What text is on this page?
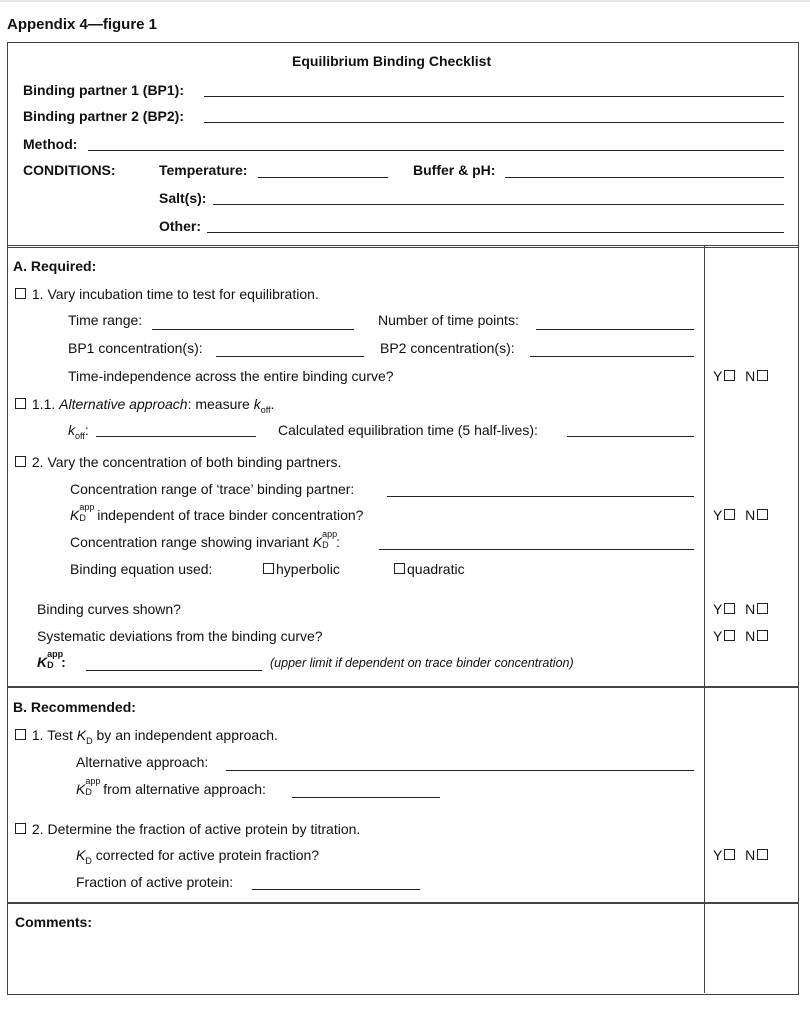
Appendix 4—figure 1
Equilibrium Binding Checklist
Binding partner 1 (BP1):
Binding partner 2 (BP2):
Method:
CONDITIONS:	Temperature:	Buffer & pH:
Salt(s):
Other:
A. Required:
1. Vary incubation time to test for equilibration.
Time range:	Number of time points:
BP1 concentration(s):	BP2 concentration(s):
Time-independence across the entire binding curve?	Y N
1.1. Alternative approach: measure $k_{off}$.
$k_{off}$:	Calculated equilibration time (5 half-lives):
2. Vary the concentration of both binding partners.
Concentration range of ‘trace’ binding partner:
K app
D independent of trace binder concentration?	Y N
Concentration range showing invariant K app
D :
Binding equation used:	hyperbolic	quadratic
Binding curves shown?	Y N
Systematic deviations from the binding curve?	Y N
K app
D :	(upper limit if dependent on trace binder concentration)
B. Recommended:
1. Test $K_D$ by an independent approach.
Alternative approach:
K app
D from alternative approach:
2. Determine the fraction of active protein by titration.
$K_D$ corrected for active protein fraction?	Y N
Fraction of active protein:
Comments:
